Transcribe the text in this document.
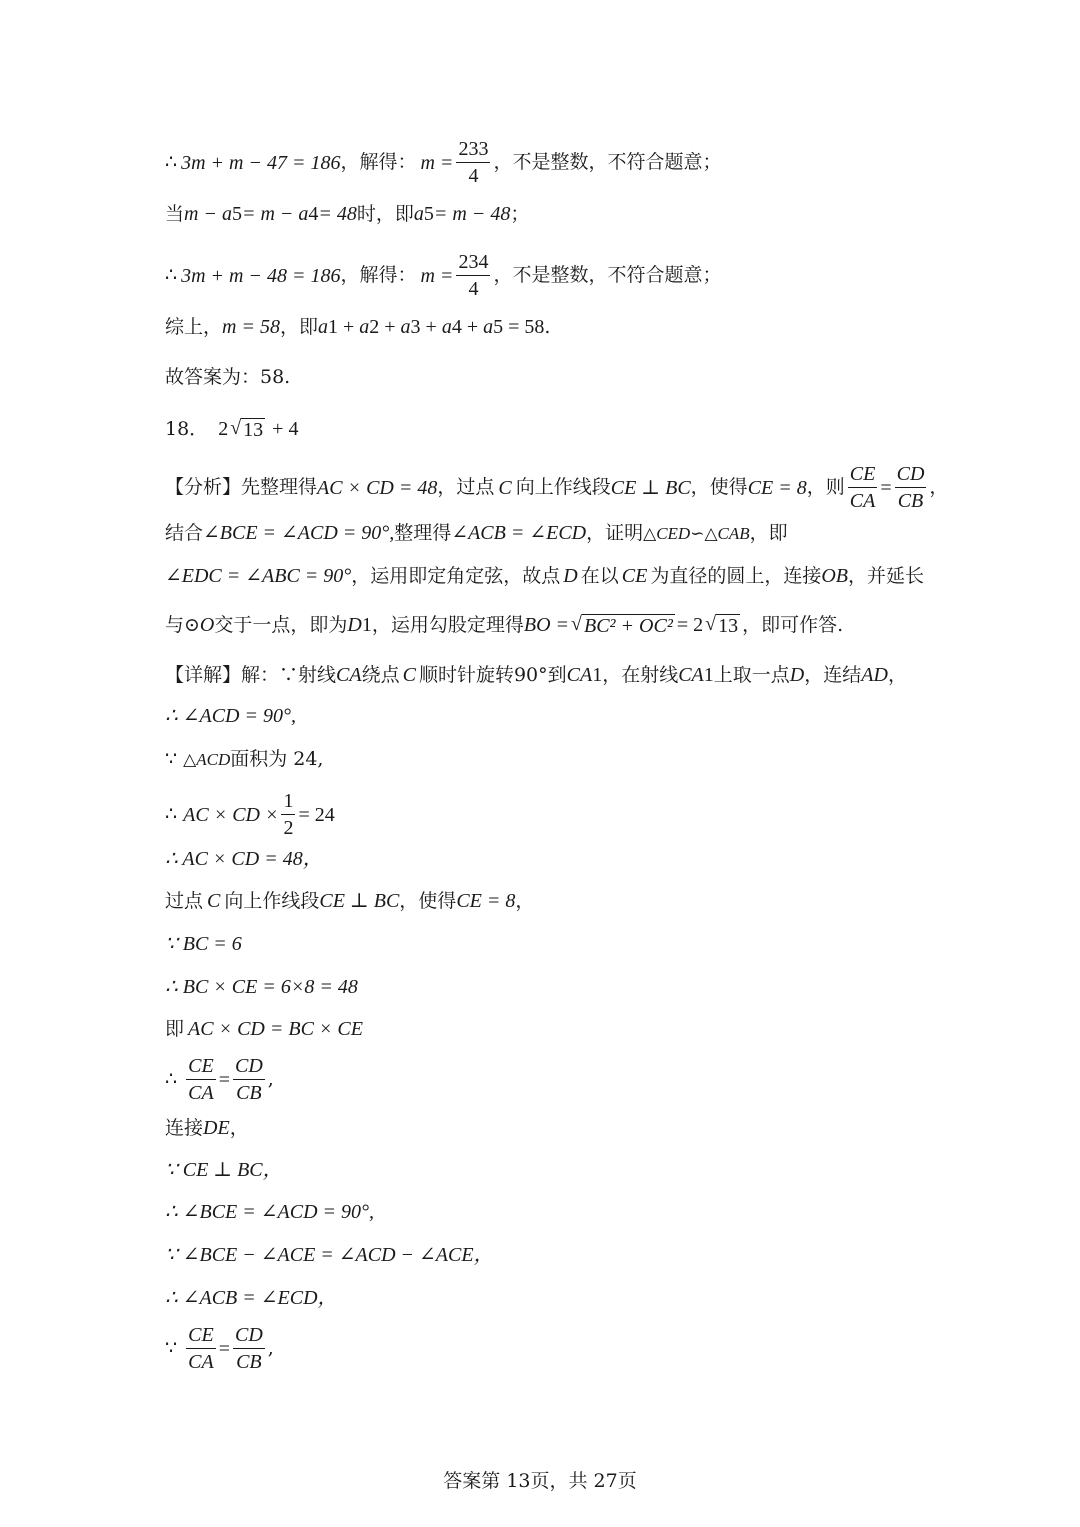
∴ 3m + m − 47 = 186 ，解得： $m = \frac{233}{4}$ ，不是整数，不符合题意；
当 m − a 5 = m − a 4 = 48 时，即 a 5 = m − 48 ；
∴ 3m + m − 48 = 186 ，解得： $m = \frac{234}{4}$ ，不是整数，不符合题意；
综上， m = 58 ，即 a 1 + a 2 + a 3 + a 4 + a 5 = 58 .
故答案为：58.
18． 2 √ 13 + 4
【分析】 先整理得 AC × CD = 48 ，过点 C 向上作线段 CE ⊥ BC ，使得 CE = 8 ，则 $\frac{CE}{CA} = \frac{CD}{CB}$ ，
结合 ∠BCE = ∠ACD = 90°, 整理得 ∠ACB = ∠ECD ，证明 △CED∽△CAB ，即
∠EDC = ∠ABC = 90° ，运用即定角定弦，故点 D 在以 CE 为直径的圆上，连接 OB ，并延长
与⊙ O 交于一点，即为 D 1 ，运用勾股定理得 BO = √ BC² + OC² = 2 √ 13 ，即可作答.
【详解】 解：∵射线 CA 绕点 C 顺时针旋转90°到 CA 1 ，在射线 CA 1 上取一点 D ，连结 AD ，
∴ ∠ACD = 90°,
∵ △ACD 面积为 24,
∴ AC × CD × $\frac{1}{2} = 24$
∴ AC × CD = 48，
过点 C 向上作线段 CE ⊥ BC ，使得 CE = 8 ，
∵ BC = 6
∴ BC × CE = 6×8 = 48
即 AC × CD = BC × CE
∴ $\frac{CE}{CA} = \frac{CD}{CB}$ ,
连接 DE ，
∵ CE ⊥ BC，
∴ ∠BCE = ∠ACD = 90°,
∵ ∠BCE − ∠ACE = ∠ACD − ∠ACE，
∴ ∠ACB = ∠ECD，
∵ $\frac{CE}{CA} = \frac{CD}{CB}$ ,
答案第 13页，共 27页
